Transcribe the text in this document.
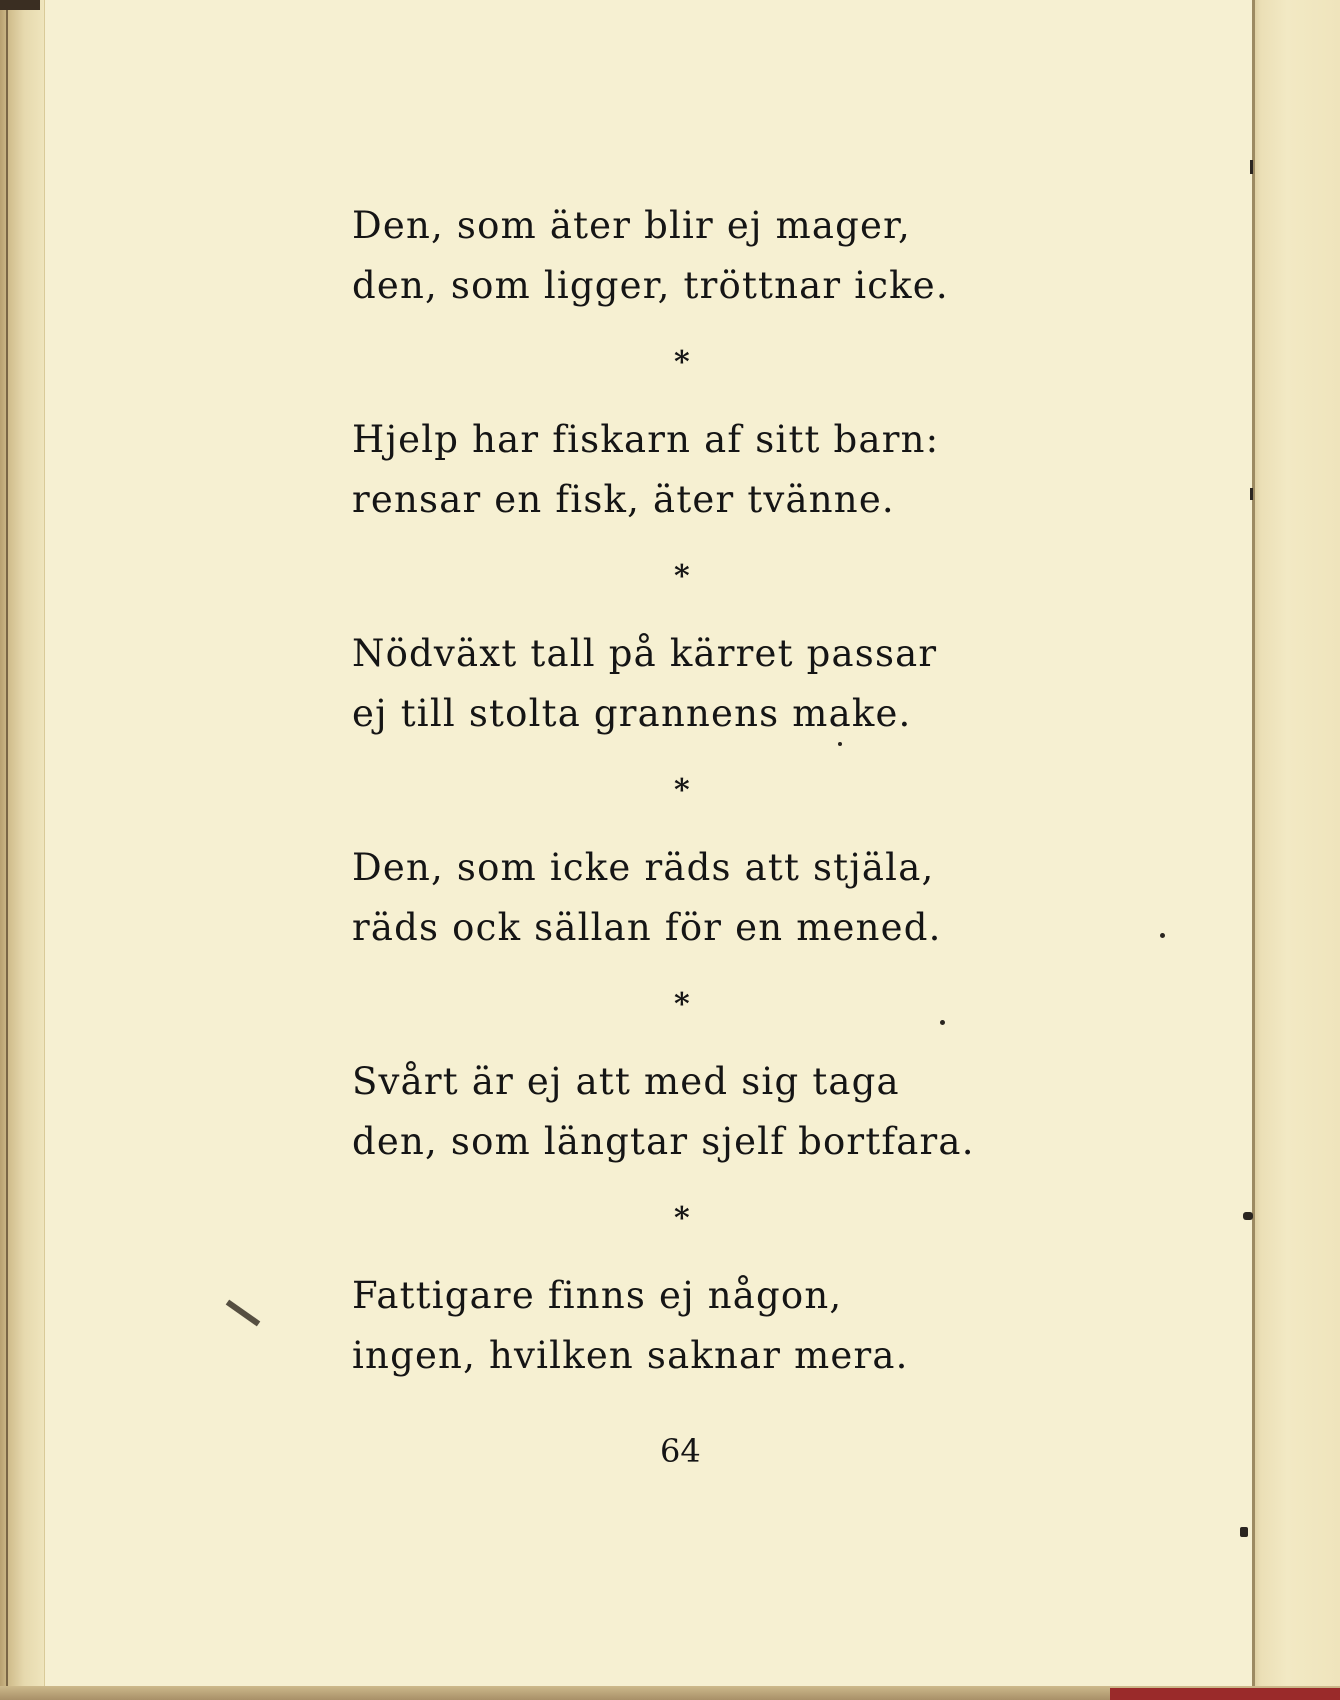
Den, som äter blir ej mager,
den, som ligger, tröttnar icke.
*
Hjelp har fiskarn af sitt barn:
rensar en fisk, äter tvänne.
*
Nödväxt tall på kärret passar
ej till stolta grannens make.
*
Den, som icke räds att stjäla,
räds ock sällan för en mened.
*
Svårt är ej att med sig taga
den, som längtar sjelf bortfara.
*
Fattigare finns ej någon,
ingen, hvilken saknar mera.
64
